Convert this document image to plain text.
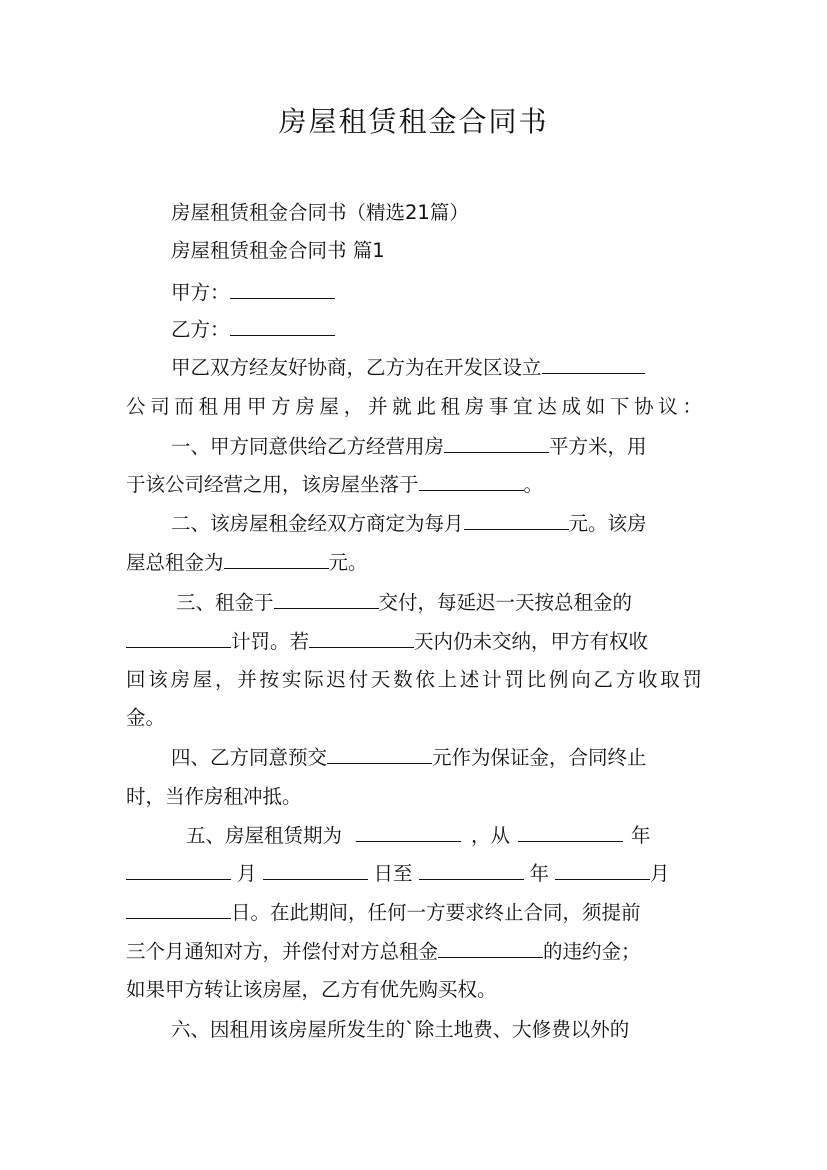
房屋租赁租金合同书
房屋租赁租金合同书（精选21篇）
房屋租赁租金合同书 篇1
甲方：
乙方：
甲乙双方经友好协商，乙方为在开发区设立
公司而租用甲方房屋，并就此租房事宜达成如下协议：
一、甲方同意供给乙方经营用房	平方米，用
于该公司经营之用，该房屋坐落于	。
二、该房屋租金经双方商定为每月	元。该房
屋总租金为	元。
三、租金于	交付，每延迟一天按总租金的
计罚。若	天内仍未交纳，甲方有权收
回该房屋，并按实际迟付天数依上述计罚比例向乙方收取罚
金。
四、乙方同意预交	元作为保证金，合同终止
时，当作房租冲抵。
五、房屋租赁期为	，从	年
月	日至	年	月
日。在此期间，任何一方要求终止合同，须提前
三个月通知对方，并偿付对方总租金	的违约金；
如果甲方转让该房屋，乙方有优先购买权。
六、因租用该房屋所发生的`除土地费、大修费以外的
